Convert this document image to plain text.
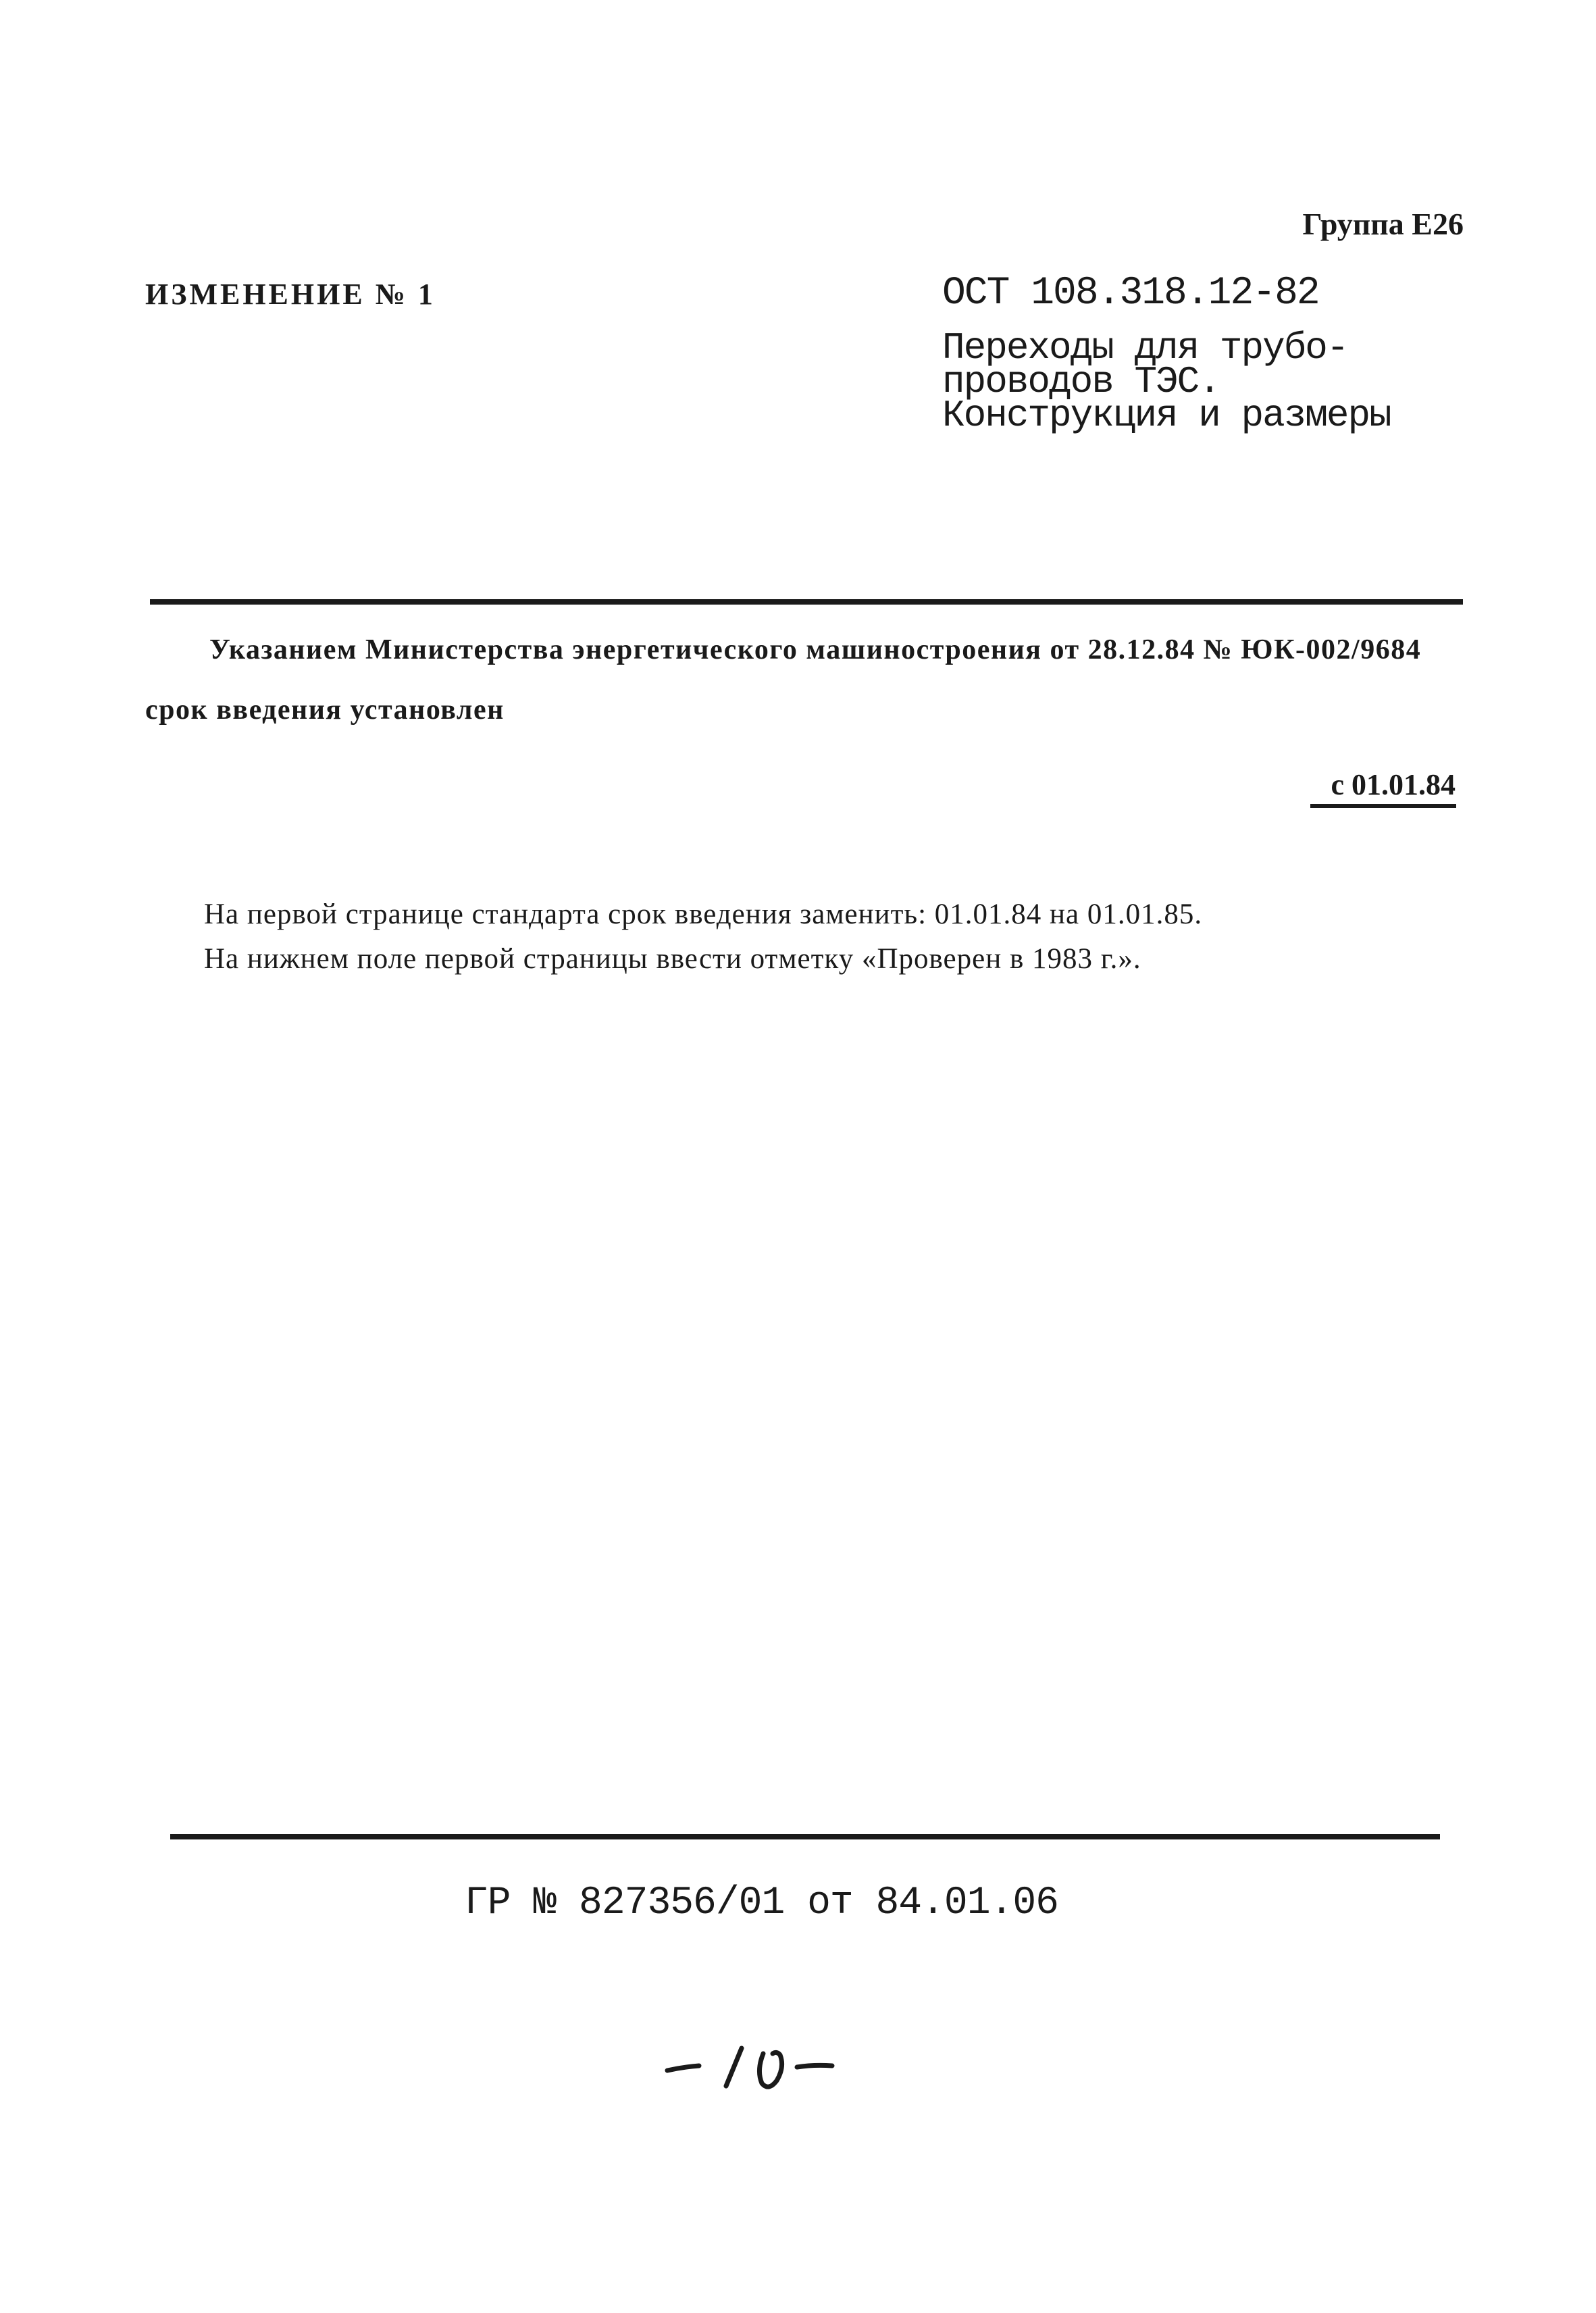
Группа Е26
ИЗМЕНЕНИЕ № 1	ОСТ 108.318.12-82
Переходы для трубо-
проводов ТЭС.
Конструкция и размеры
Указанием Министерства энергетического машиностроения от 28.12.84 № ЮК-002/9684
срок введения установлен
с 01.01.84
На первой странице стандарта срок введения заменить: 01.01.84 на 01.01.85.
На нижнем поле первой страницы ввести отметку «Проверен в 1983 г.».
ГР № 827356/01 от 84.01.06
